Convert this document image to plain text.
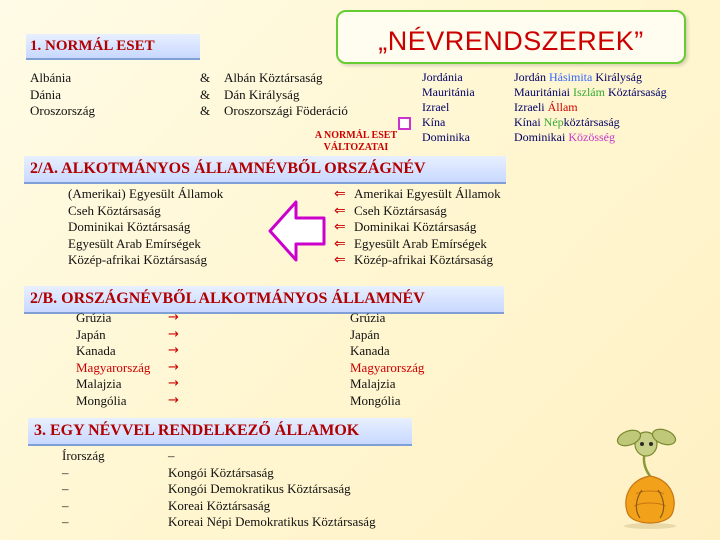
„NÉVRENDSZEREK”
1. NORMÁL ESET
Albánia
Dánia
Oroszország
&
&
&
Albán Köztársaság
Dán Királyság
Oroszországi Föderáció
A NORMÁL ESET
VÁLTOZATAI
Jordánia
Mauritánia
Izrael
Kína
Dominika
Jordán Hásimita Királyság
Mauritániai Iszlám Köztársaság
Izraeli Állam
Kínai Népköztársaság
Dominikai Közösség
2/A. ALKOTMÁNYOS ÁLLAMNÉVBŐL ORSZÁGNÉV
(Amerikai) Egyesült Államok
Cseh Köztársaság
Dominikai Köztársaság
Egyesült Arab Emírségek
Közép-afrikai Köztársaság
⇐
⇐
⇐
⇐
⇐
Amerikai Egyesült Államok
Cseh Köztársaság
Dominikai Köztársaság
Egyesült Arab Emírségek
Közép-afrikai Köztársaság
2/B. ORSZÁGNÉVBŐL ALKOTMÁNYOS ÁLLAMNÉV
Grúzia
Japán
Kanada
Magyarország
Malajzia
Mongólia
→
→
→
→
→
→
Grúzia
Japán
Kanada
Magyarország
Malajzia
Mongólia
3. EGY NÉVVEL RENDELKEZŐ ÁLLAMOK
Írország
–
–
–
–
–
Kongói Köztársaság
Kongói Demokratikus Köztársaság
Koreai Köztársaság
Koreai Népi Demokratikus Köztársaság
